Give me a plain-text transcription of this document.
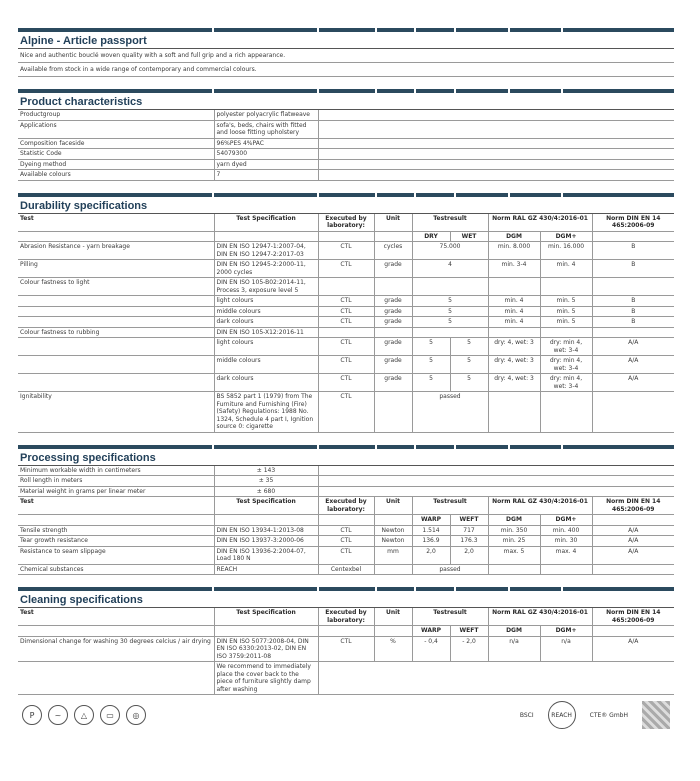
Alpine - Article passport
Nice and authentic bouclé woven quality with a soft and full grip and a rich appearance.
Available from stock in a wide range of contemporary and commercial colours.
Product characteristics
Productgroup	polyester polyacrylic flatweave	
Applications	sofa's, beds, chairs with fitted and loose fitting upholstery	
Composition faceside	96%PES 4%PAC	
Statistic Code	54079300	
Dyeing method	yarn dyed	
Available colours	7	
Durability specifications
Test	Test Specification	Executed by laboratory:	Unit	Testresult		Norm RAL GZ 430/4:2016-01		Norm DIN EN 14 465:2006-09
				DRY	WET	DGM	DGM+	
Abrasion Resistance - yarn breakage	DIN EN ISO 12947-1:2007-04, DIN EN ISO 12947-2:2017-03	CTL	cycles	75.000		min. 8.000	min. 16.000	B
Pilling	DIN EN ISO 12945-2:2000-11, 2000 cycles	CTL	grade	4		min. 3-4	min. 4	B
Colour fastness to light	DIN EN ISO 105-B02:2014-11, Process 3, exposure level 5							
	light colours	CTL	grade	5		min. 4	min. 5	B
	middle colours	CTL	grade	5		min. 4	min. 5	B
	dark colours	CTL	grade	5		min. 4	min. 5	B
Colour fastness to rubbing	DIN EN ISO 105-X12:2016-11							
	light colours	CTL	grade	5	5	dry: 4, wet: 3	dry: min 4, wet: 3-4	A/A
	middle colours	CTL	grade	5	5	dry: 4, wet: 3	dry: min 4, wet: 3-4	A/A
	dark colours	CTL	grade	5	5	dry: 4, wet: 3	dry: min 4, wet: 3-4	A/A
Ignitability	BS 5852 part 1 (1979) from The Furniture and Furnishing (Fire) (Safety) Regulations: 1988 No. 1324, Schedule 4 part I, Ignition source 0: cigarette	CTL		passed				
Processing specifications
Minimum workable width in centimeters	± 143							
Roll length in meters	± 35							
Material weight in grams per linear meter	± 680							
Test	Test Specification	Executed by laboratory:	Unit	Testresult		Norm RAL GZ 430/4:2016-01		Norm DIN EN 14 465:2006-09
				WARP	WEFT	DGM	DGM+	
Tensile strength	DIN EN ISO 13934-1:2013-08	CTL	Newton	1.514	717	min. 350	min. 400	A/A
Tear growth resistance	DIN EN ISO 13937-3:2000-06	CTL	Newton	136.9	176.3	min. 25	min. 30	A/A
Resistance to seam slippage	DIN EN ISO 13936-2:2004-07, Load 180 N	CTL	mm	2,0	2,0	max. 5	max. 4	A/A
Chemical substances	REACH	Centexbel		passed				
Cleaning specifications
Test	Test Specification	Executed by laboratory:	Unit	Testresult		Norm RAL GZ 430/4:2016-01		Norm DIN EN 14 465:2006-09
				WARP	WEFT	DGM	DGM+	
Dimensional change for washing 30 degrees celcius / air drying	DIN EN ISO 5077:2008-04, DIN EN ISO 6330:2013-02, DIN EN ISO 3759:2011-08	CTL	%	- 0,4	- 2,0	n/a	n/a	A/A
	We recommend to immediately place the cover back to the piece of furniture slightly damp after washing							
P	~	△	▭	◎	BSCI	REACH	CTE® GmbH
